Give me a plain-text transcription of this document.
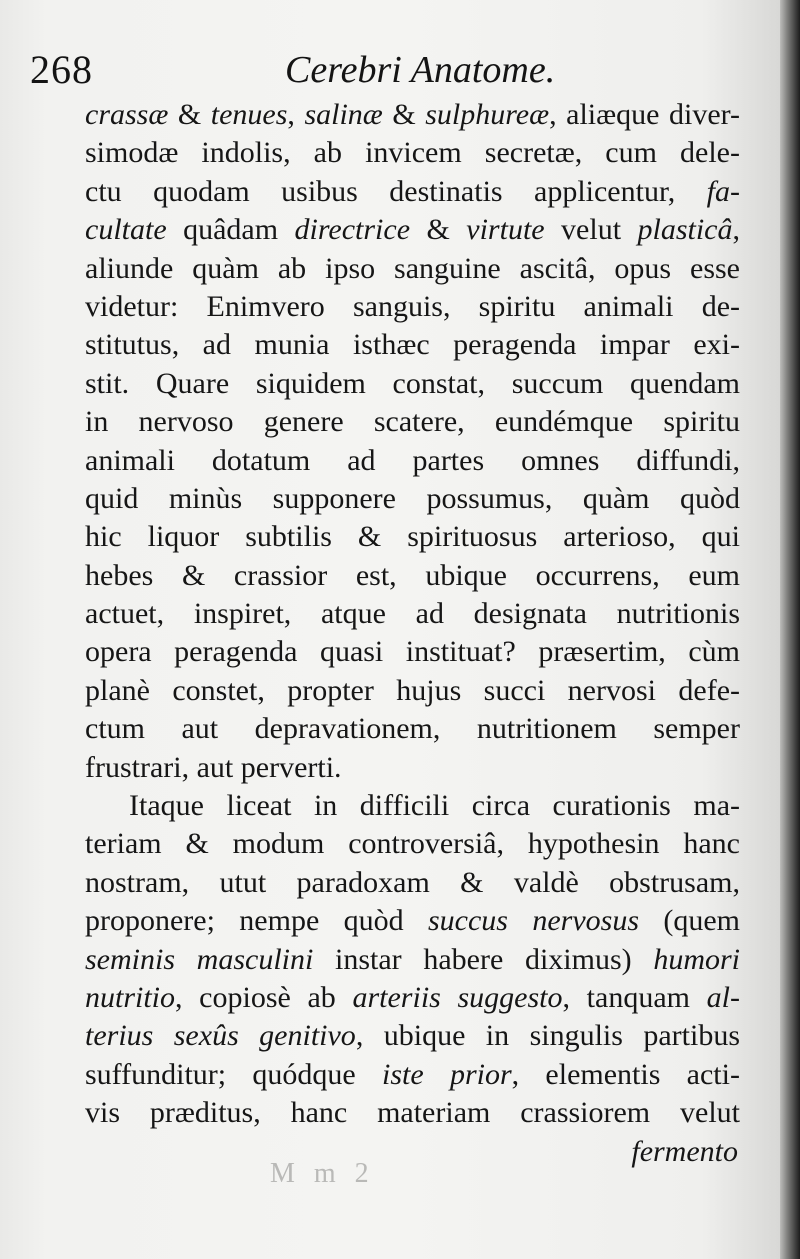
268	Cerebri Anatome.
crassæ & tenues, salinæ & sulphureæ, aliæque diver-
simodæ indolis, ab invicem secretæ, cum dele-
ctu quodam usibus destinatis applicentur, fa-
cultate quâdam directrice & virtute velut plasticâ,
aliunde quàm ab ipso sanguine ascitâ, opus esse
videtur: Enimvero sanguis, spiritu animali de-
stitutus, ad munia isthæc peragenda impar exi-
stit. Quare siquidem constat, succum quendam
in nervoso genere scatere, eundémque spiritu
animali dotatum ad partes omnes diffundi,
quid minùs supponere possumus, quàm quòd
hic liquor subtilis & spirituosus arterioso, qui
hebes & crassior est, ubique occurrens, eum
actuet, inspiret, atque ad designata nutritionis
opera peragenda quasi instituat? præsertim, cùm
planè constet, propter hujus succi nervosi defe-
ctum aut depravationem, nutritionem semper
frustrari, aut perverti.
Itaque liceat in difficili circa curationis ma-
teriam & modum controversiâ, hypothesin hanc
nostram, utut paradoxam & valdè obstrusam,
proponere; nempe quòd succus nervosus (quem
seminis masculini instar habere diximus) humori
nutritio, copiosè ab arteriis suggesto, tanquam al-
terius sexûs genitivo, ubique in singulis partibus
suffunditur; quódque iste prior, elementis acti-
vis præditus, hanc materiam crassiorem velut
fermento
M m 2
